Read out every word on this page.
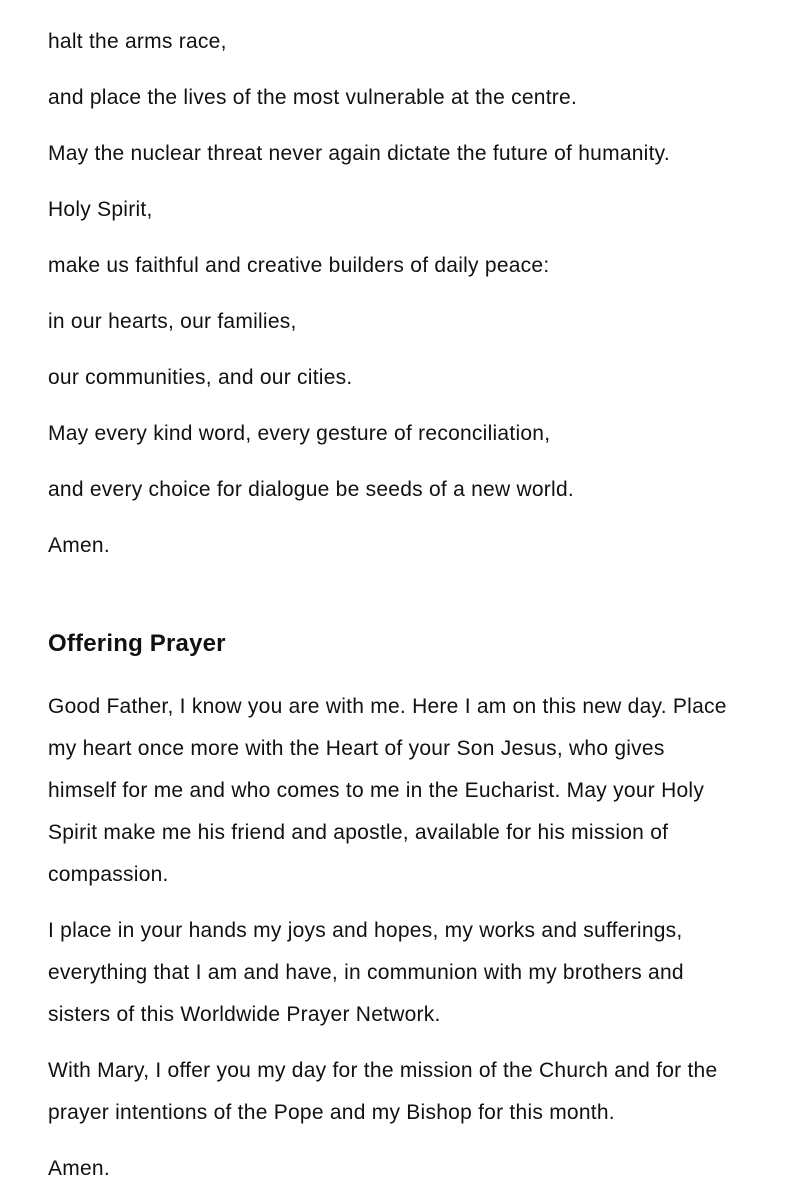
halt the arms race,

and place the lives of the most vulnerable at the centre.

May the nuclear threat never again dictate the future of humanity.

Holy Spirit,

make us faithful and creative builders of daily peace:

in our hearts, our families,

our communities, and our cities.

May every kind word, every gesture of reconciliation,

and every choice for dialogue be seeds of a new world.

Amen.

Offering Prayer

Good Father, I know you are with me. Here I am on this new day. Place
my heart once more with the Heart of your Son Jesus, who gives
himself for me and who comes to me in the Eucharist. May your Holy
Spirit make me his friend and apostle, available for his mission of
compassion.

I place in your hands my joys and hopes, my works and sufferings,
everything that I am and have, in communion with my brothers and
sisters of this Worldwide Prayer Network.

With Mary, I offer you my day for the mission of the Church and for the
prayer intentions of the Pope and my Bishop for this month.

Amen.
